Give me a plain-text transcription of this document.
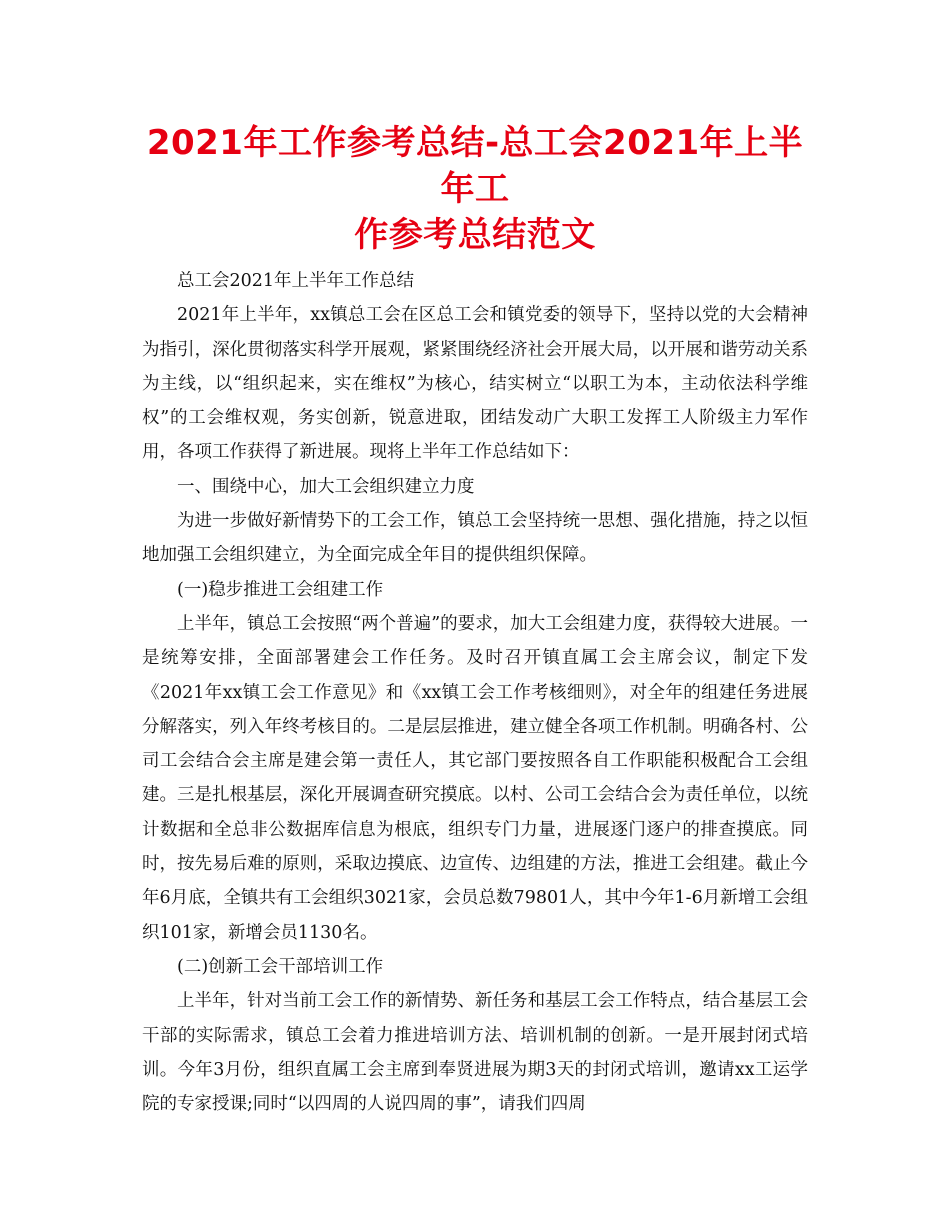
2021年工作参考总结-总工会2021年上半年工
作参考总结范文

总工会2021年上半年工作总结

2021年上半年，xx镇总工会在区总工会和镇党委的领导下，坚持以党的大会精神为指引，深化贯彻落实科学开展观，紧紧围绕经济社会开展大局，以开展和谐劳动关系为主线，以“组织起来，实在维权”为核心，结实树立“以职工为本，主动依法科学维权”的工会维权观，务实创新，锐意进取，团结发动广大职工发挥工人阶级主力军作用，各项工作获得了新进展。现将上半年工作总结如下：

一、围绕中心，加大工会组织建立力度

为进一步做好新情势下的工会工作，镇总工会坚持统一思想、强化措施，持之以恒地加强工会组织建立，为全面完成全年目的提供组织保障。

(一)稳步推进工会组建工作

上半年，镇总工会按照“两个普遍”的要求，加大工会组建力度，获得较大进展。一是统筹安排，全面部署建会工作任务。及时召开镇直属工会主席会议，制定下发《2021年xx镇工会工作意见》和《xx镇工会工作考核细则》，对全年的组建任务进展分解落实，列入年终考核目的。二是层层推进，建立健全各项工作机制。明确各村、公司工会结合会主席是建会第一责任人，其它部门要按照各自工作职能积极配合工会组建。三是扎根基层，深化开展调查研究摸底。以村、公司工会结合会为责任单位，以统计数据和全总非公数据库信息为根底，组织专门力量，进展逐门逐户的排查摸底。同时，按先易后难的原则，采取边摸底、边宣传、边组建的方法，推进工会组建。截止今年6月底，全镇共有工会组织3021家，会员总数79801人，其中今年1-6月新增工会组织101家，新增会员1130名。

(二)创新工会干部培训工作

上半年，针对当前工会工作的新情势、新任务和基层工会工作特点，结合基层工会干部的实际需求，镇总工会着力推进培训方法、培训机制的创新。一是开展封闭式培训。今年3月份，组织直属工会主席到奉贤进展为期3天的封闭式培训，邀请xx工运学院的专家授课;同时“以四周的人说四周的事”，请我们四周
